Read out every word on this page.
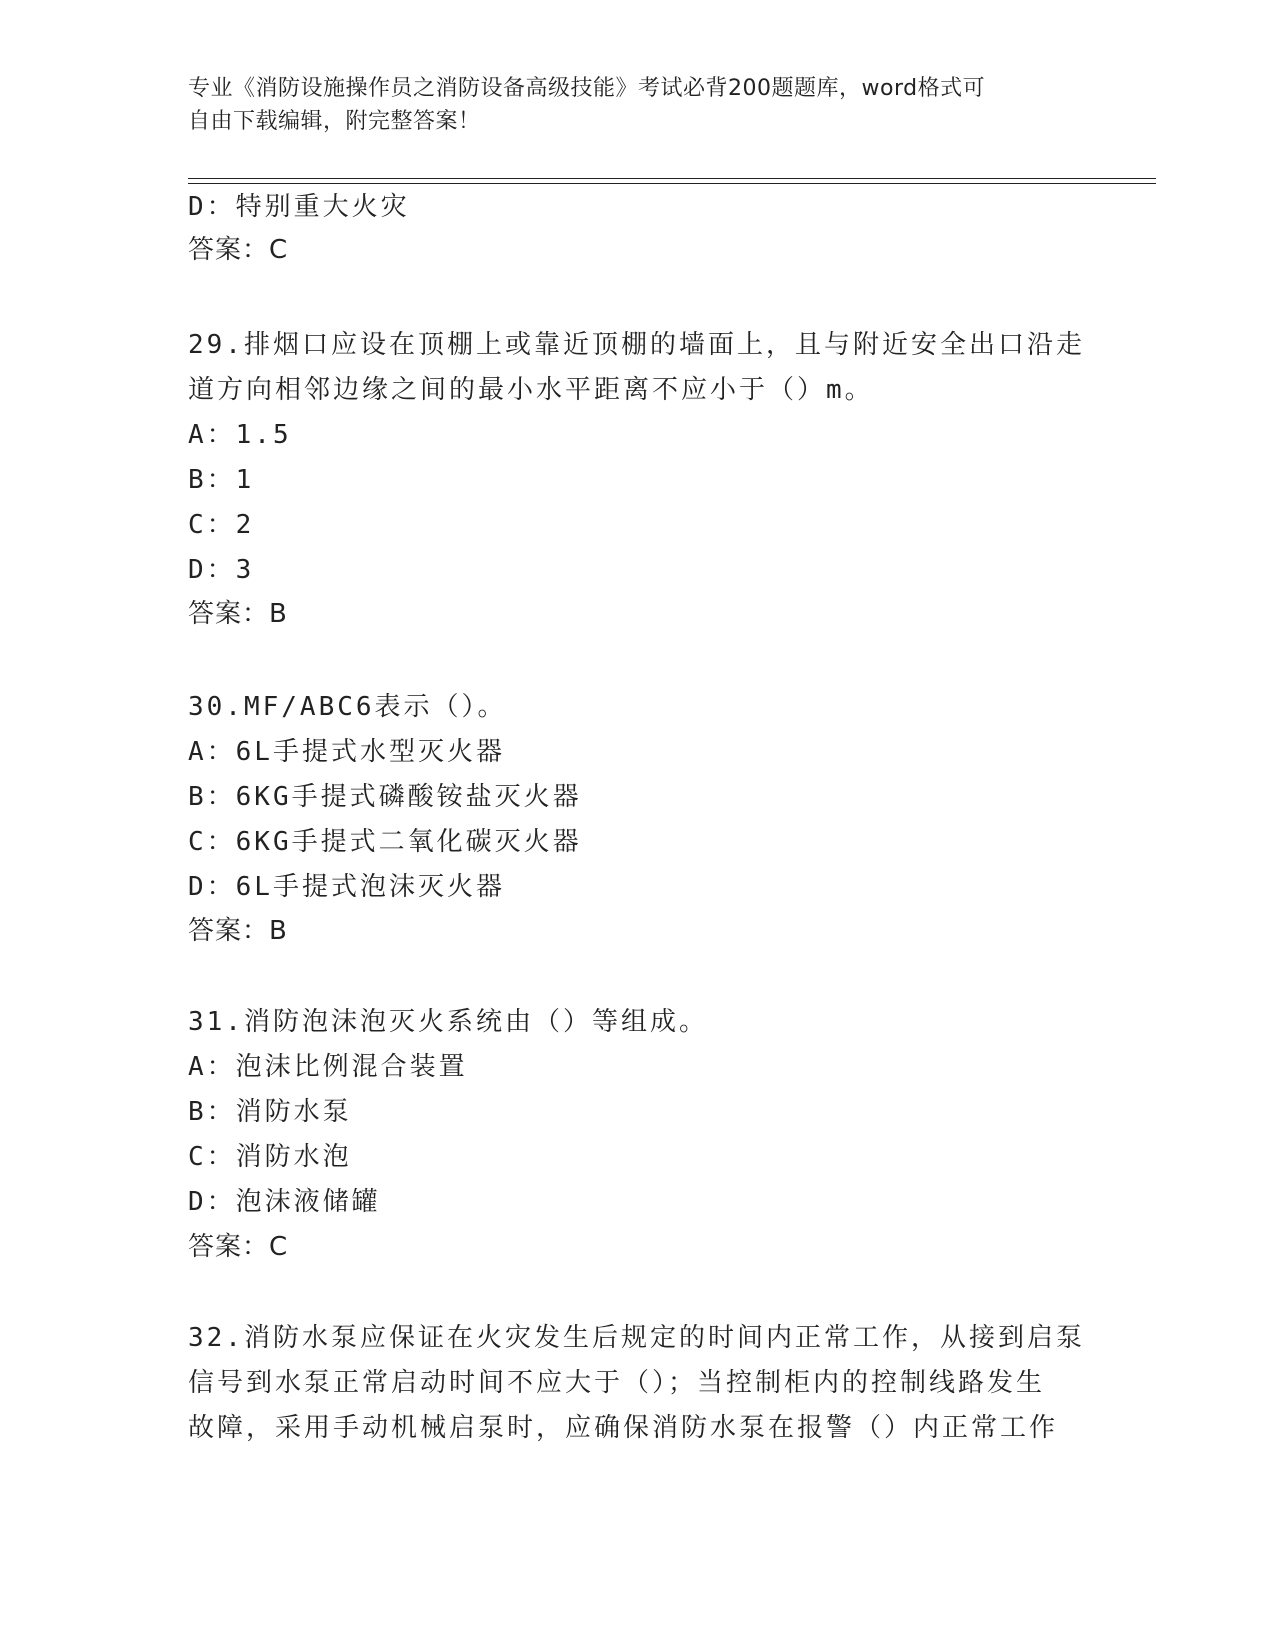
专业《消防设施操作员之消防设备高级技能》考试必背200题题库，word格式可
自由下载编辑，附完整答案！
D：特别重大火灾
答案：C
29.排烟口应设在顶棚上或靠近顶棚的墙面上，且与附近安全出口沿走
道方向相邻边缘之间的最小水平距离不应小于（）m。
A：1.5
B：1
C：2
D：3
答案：B
30.MF/ABC6表示（）。
A：6L手提式水型灭火器
B：6KG手提式磷酸铵盐灭火器
C：6KG手提式二氧化碳灭火器
D：6L手提式泡沫灭火器
答案：B
31.消防泡沫泡灭火系统由（）等组成。
A：泡沫比例混合装置
B：消防水泵
C：消防水泡
D：泡沫液储罐
答案：C
32.消防水泵应保证在火灾发生后规定的时间内正常工作，从接到启泵
信号到水泵正常启动时间不应大于（）；当控制柜内的控制线路发生
故障，采用手动机械启泵时，应确保消防水泵在报警（）内正常工作
